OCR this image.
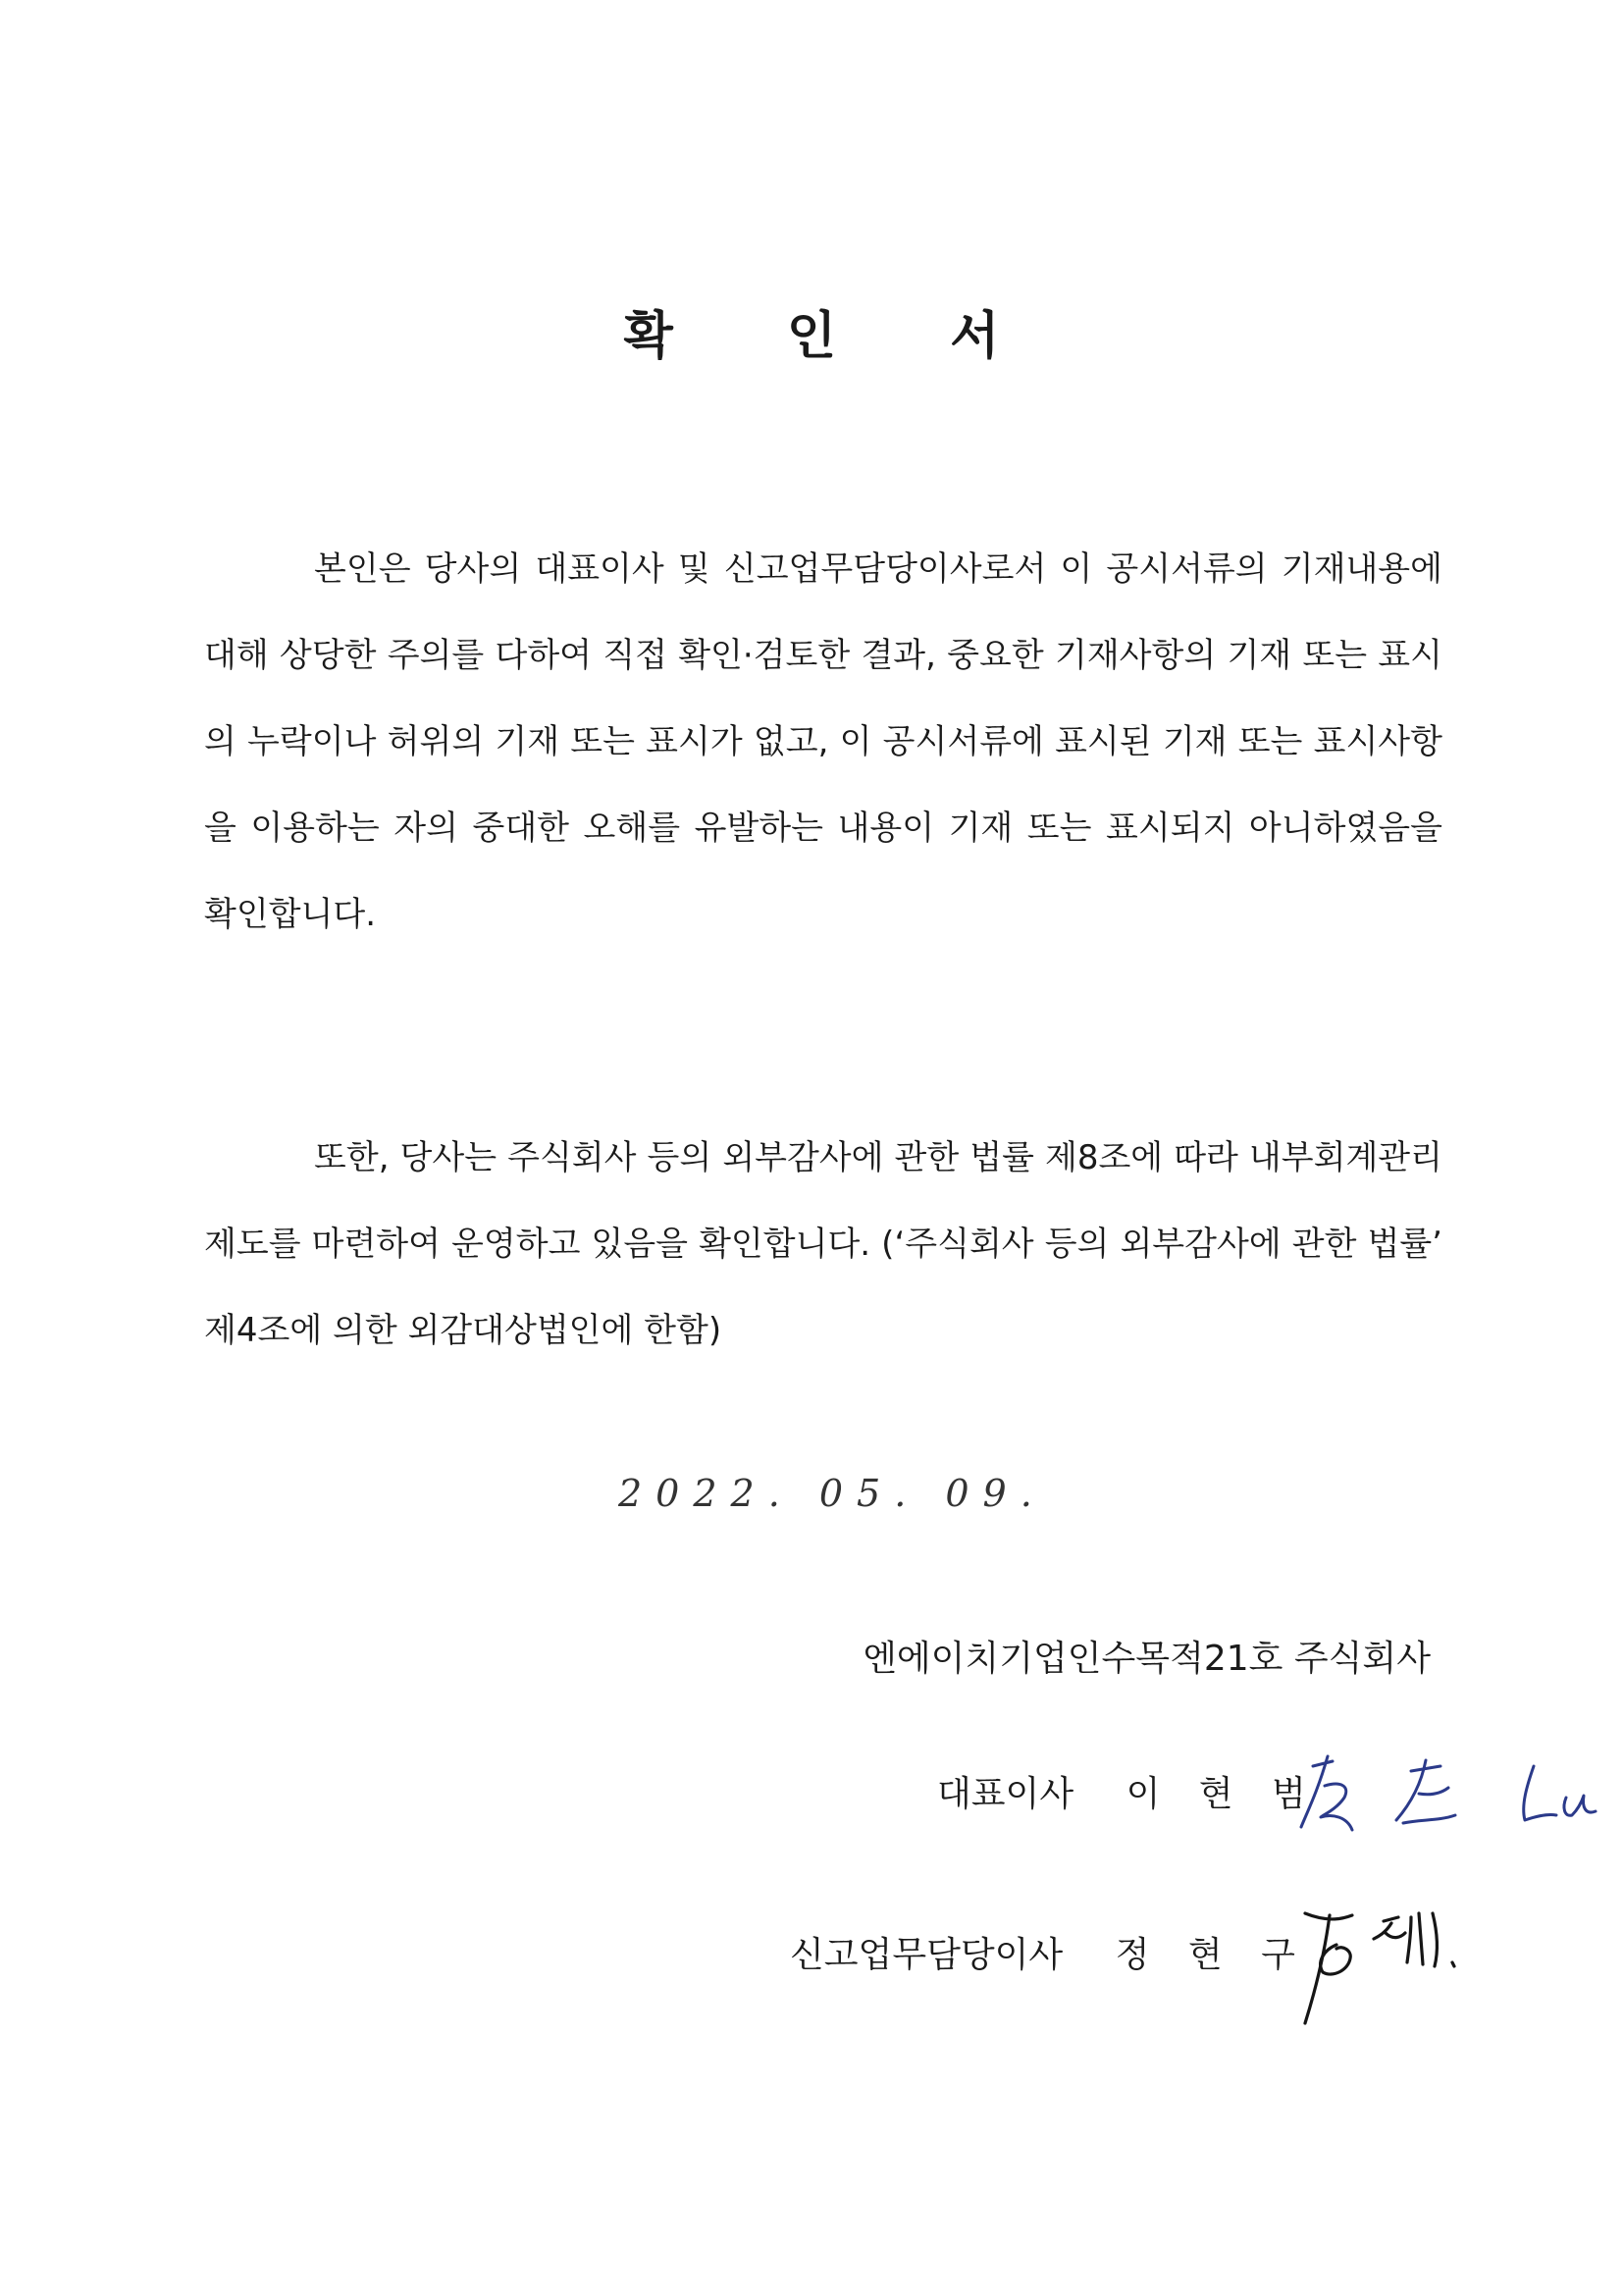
확 인 서

본인은 당사의 대표이사 및 신고업무담당이사로서 이 공시서류의 기재내용에 대해 상당한 주의를 다하여 직접 확인·검토한 결과, 중요한 기재사항의 기재 또는 표시의 누락이나 허위의 기재 또는 표시가 없고, 이 공시서류에 표시된 기재 또는 표시사항을 이용하는 자의 중대한 오해를 유발하는 내용이 기재 또는 표시되지 아니하였음을 확인합니다.

또한, 당사는 주식회사 등의 외부감사에 관한 법률 제8조에 따라 내부회계관리제도를 마련하여 운영하고 있음을 확인합니다. (‘주식회사 등의 외부감사에 관한 법률’ 제4조에 의한 외감대상법인에 한함)

2022. 05. 09.
엔에이치기업인수목적21호 주식회사
대표이사 이 현 범
신고업무담당이사 정 현 구
